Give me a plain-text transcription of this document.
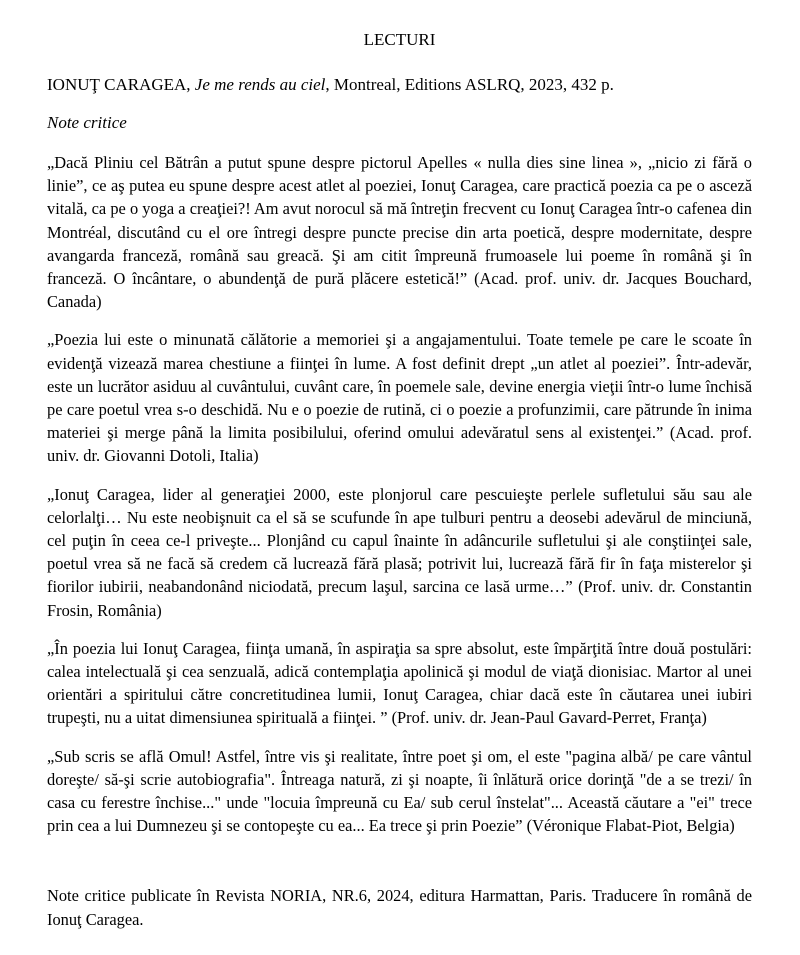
LECTURI
IONUŢ CARAGEA, Je me rends au ciel, Montreal, Editions ASLRQ, 2023, 432 p.
Note critice

„Dacă Pliniu cel Bătrân a putut spune despre pictorul Apelles « nulla dies sine linea », „nicio zi fără o linie”, ce aş putea eu spune despre acest atlet al poeziei, Ionuţ Caragea, care practică poezia ca pe o asceză vitală, ca pe o yoga a creaţiei?! Am avut norocul să mă întreţin frecvent cu Ionuţ Caragea într-o cafenea din Montréal, discutând cu el ore întregi despre puncte precise din arta poetică, despre modernitate, despre avangarda franceză, română sau greacă. Şi am citit împreună frumoasele lui poeme în română şi în franceză. O încântare, o abundenţă de pură plăcere estetică!” (Acad. prof. univ. dr. Jacques Bouchard, Canada)

„Poezia lui este o minunată călătorie a memoriei şi a angajamentului. Toate temele pe care le scoate în evidenţă vizează marea chestiune a fiinţei în lume. A fost definit drept „un atlet al poeziei”. Într-adevăr, este un lucrător asiduu al cuvântului, cuvânt care, în poemele sale, devine energia vieţii într-o lume închisă pe care poetul vrea s-o deschidă. Nu e o poezie de rutină, ci o poezie a profunzimii, care pătrunde în inima materiei şi merge până la limita posibilului, oferind omului adevăratul sens al existenţei.” (Acad. prof. univ. dr. Giovanni Dotoli, Italia)

„Ionuţ Caragea, lider al generaţiei 2000, este plonjorul care pescuieşte perlele sufletului său sau ale celorlalţi… Nu este neobişnuit ca el să se scufunde în ape tulburi pentru a deosebi adevărul de minciună, cel puţin în ceea ce-l priveşte... Plonjând cu capul înainte în adâncurile sufletului şi ale conştiinţei sale, poetul vrea să ne facă să credem că lucrează fără plasă; potrivit lui, lucrează fără fir în faţa misterelor şi fiorilor iubirii, neabandonând niciodată, precum laşul, sarcina ce lasă urme…” (Prof. univ. dr. Constantin Frosin, România)

„În poezia lui Ionuţ Caragea, fiinţa umană, în aspiraţia sa spre absolut, este împărţită între două postulări: calea intelectuală şi cea senzuală, adică contemplaţia apolinică şi modul de viaţă dionisiac. Martor al unei orientări a spiritului către concretitudinea lumii, Ionuţ Caragea, chiar dacă este în căutarea unei iubiri trupeşti, nu a uitat dimensiunea spirituală a fiinţei. ” (Prof. univ. dr. Jean-Paul Gavard-Perret, Franţa)

„Sub scris se află Omul! Astfel, între vis şi realitate, între poet şi om, el este "pagina albă/ pe care vântul doreşte/ să-şi scrie autobiografia". Întreaga natură, zi şi noapte, îi înlătură orice dorinţă "de a se trezi/ în casa cu ferestre închise..." unde "locuia împreună cu Ea/ sub cerul înstelat"... Această căutare a "ei" trece prin cea a lui Dumnezeu şi se contopeşte cu ea... Ea trece şi prin Poezie” (Véronique Flabat-Piot, Belgia)

Note critice publicate în Revista NORIA, NR.6, 2024, editura Harmattan, Paris. Traducere în română de Ionuţ Caragea.
